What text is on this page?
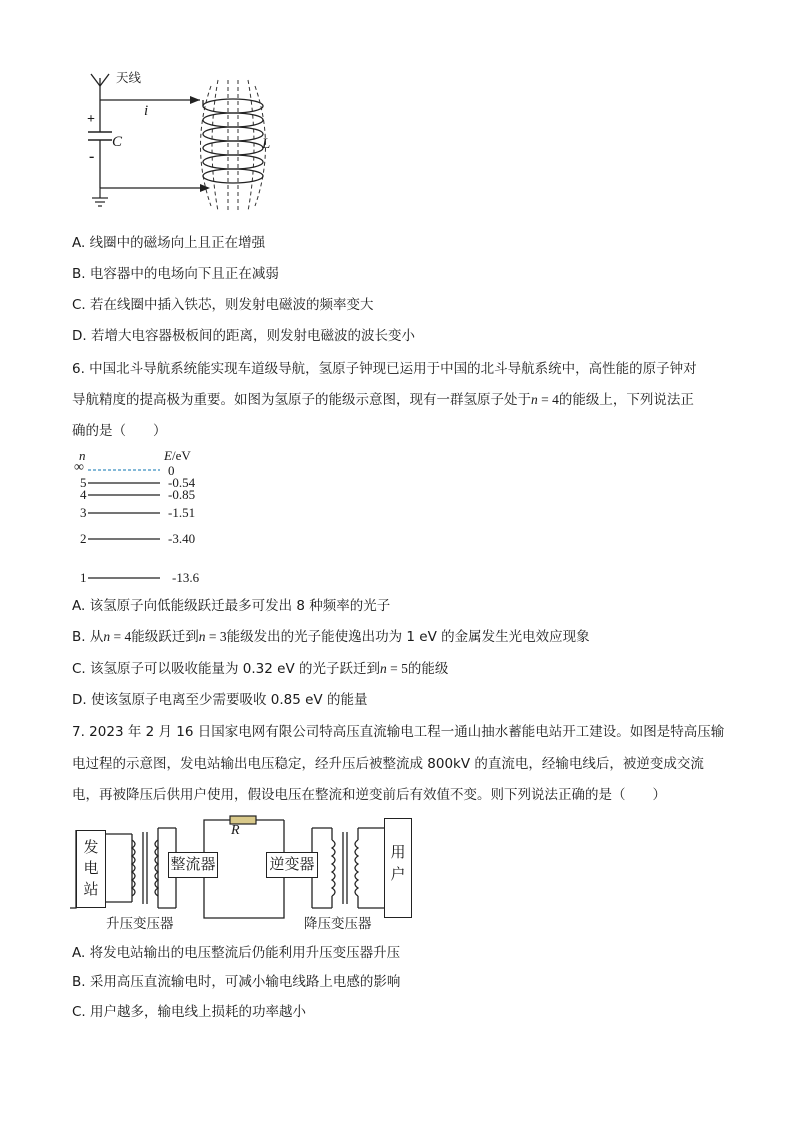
天线
i
+
-
C	L
A. 线圈中的磁场向上且正在增强
B. 电容器中的电场向下且正在减弱
C. 若在线圈中插入铁芯，则发射电磁波的频率变大
D. 若增大电容器极板间的距离，则发射电磁波的波长变小
6. 中国北斗导航系统能实现车道级导航，氢原子钟现已运用于中国的北斗导航系统中，高性能的原子钟对
导航精度的提高极为重要。如图为氢原子的能级示意图，现有一群氢原子处于n = 4的能级上，下列说法正
确的是（　　）
n	E/eV
∞
5
4
3
2
1
0
-0.54
-0.85
-1.51
-3.40
-13.6
A. 该氢原子向低能级跃迁最多可发出 8 种频率的光子
B. 从n = 4能级跃迁到n = 3能级发出的光子能使逸出功为 1 eV 的金属发生光电效应现象
C. 该氢原子可以吸收能量为 0.32 eV 的光子跃迁到n = 5的能级
D. 使该氢原子电离至少需要吸收 0.85 eV 的能量
7. 2023 年 2 月 16 日国家电网有限公司特高压直流输电工程一通山抽水蓄能电站开工建设。如图是特高压输
电过程的示意图，发电站输出电压稳定，经升压后被整流成 800kV 的直流电，经输电线后，被逆变成交流
电，再被降压后供用户使用，假设电压在整流和逆变前后有效值不变。则下列说法正确的是（　　）
发电站
整流器	逆变器
用户
R
升压变压器	降压变压器
A. 将发电站输出的电压整流后仍能利用升压变压器升压
B. 采用高压直流输电时，可减小输电线路上电感的影响
C. 用户越多，输电线上损耗的功率越小
